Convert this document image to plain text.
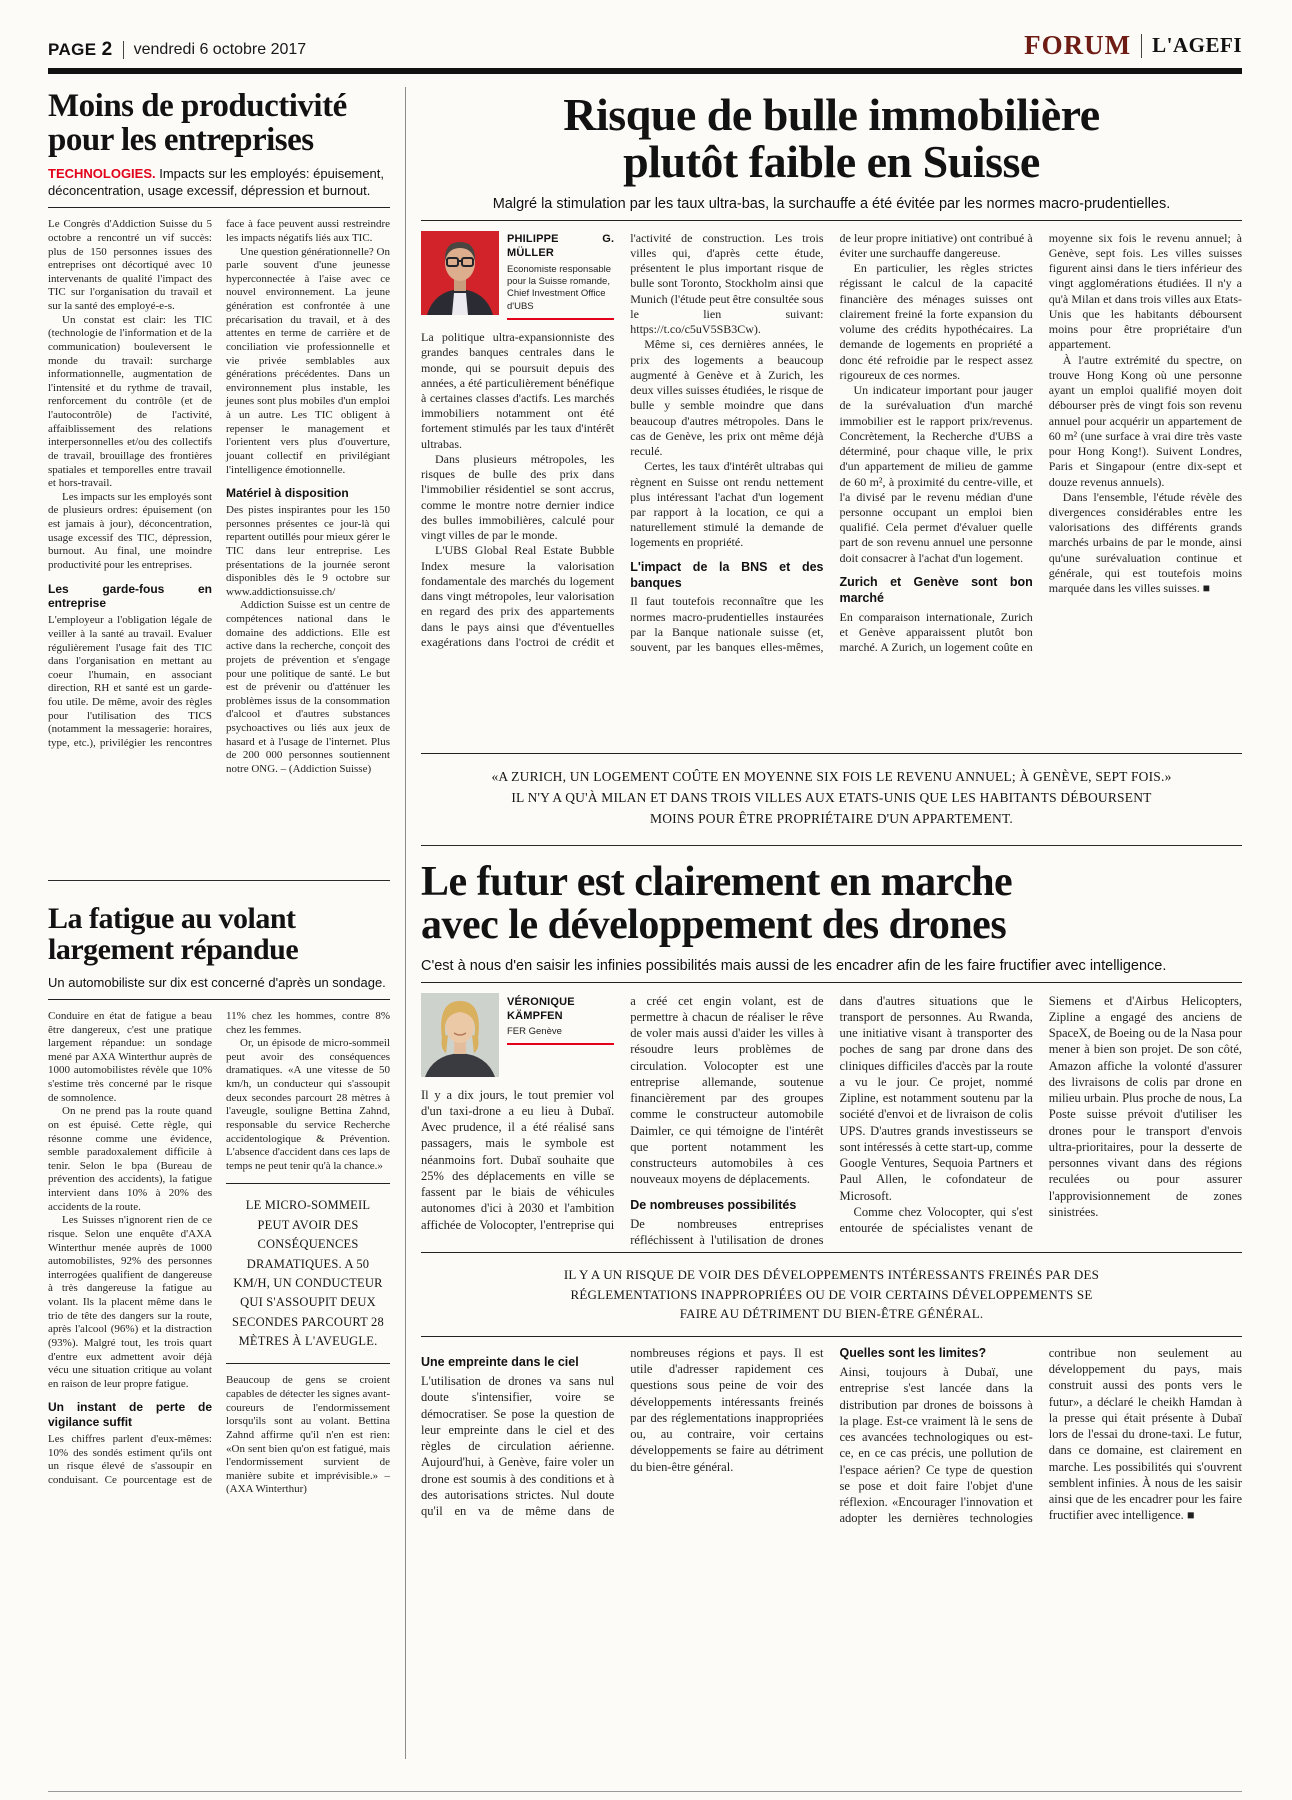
PAGE 2 vendredi 6 octobre 2017	FORUM L'AGEFI
Moins de productivité
pour les entreprises
TECHNOLOGIES. Impacts sur les employés: épuisement, déconcentration, usage excessif, dépression et burnout.

Le Congrès d'Addiction Suisse du 5 octobre a rencontré un vif succès: plus de 150 personnes issues des entreprises ont décortiqué avec 10 intervenants de qualité l'impact des TIC sur l'organisation du travail et sur la santé des employé-e-s.

Un constat est clair: les TIC (technologie de l'information et de la communication) bouleversent le monde du travail: surcharge informationnelle, augmentation de l'intensité et du rythme de travail, renforcement du contrôle (et de l'autocontrôle) de l'activité, affaiblissement des relations interpersonnelles et/ou des collectifs de travail, brouillage des frontières spatiales et temporelles entre travail et hors-travail.

Les impacts sur les employés sont de plusieurs ordres: épuisement (on est jamais à jour), déconcentration, usage excessif des TIC, dépression, burnout. Au final, une moindre productivité pour les entreprises.

Les garde-fous en entreprise

L'employeur a l'obligation légale de veiller à la santé au travail. Evaluer régulièrement l'usage fait des TIC dans l'organisation en mettant au coeur l'humain, en associant direction, RH et santé est un garde-fou utile. De même, avoir des règles pour l'utilisation des TICS (notamment la messagerie: horaires, type, etc.), privilégier les rencontres face à face peuvent aussi restreindre les impacts négatifs liés aux TIC.

Une question générationnelle? On parle souvent d'une jeunesse hyperconnectée à l'aise avec ce nouvel environnement. La jeune génération est confrontée à une précarisation du travail, et à des attentes en terme de carrière et de conciliation vie professionnelle et vie privée semblables aux générations précédentes. Dans un environnement plus instable, les jeunes sont plus mobiles d'un emploi à un autre. Les TIC obligent à repenser le management et l'orientent vers plus d'ouverture, jouant collectif en privilégiant l'intelligence émotionnelle.

Matériel à disposition

Des pistes inspirantes pour les 150 personnes présentes ce jour-là qui repartent outillés pour mieux gérer le TIC dans leur entreprise. Les présentations de la journée seront disponibles dès le 9 octobre sur www.addictionsuisse.ch/

Addiction Suisse est un centre de compétences national dans le domaine des addictions. Elle est active dans la recherche, conçoit des projets de prévention et s'engage pour une politique de santé. Le but est de prévenir ou d'atténuer les problèmes issus de la consommation d'alcool et d'autres substances psychoactives ou liés aux jeux de hasard et à l'usage de l'internet. Plus de 200 000 personnes soutiennent notre ONG. – (Addiction Suisse)

La fatigue au volant
largement répandue
Un automobiliste sur dix est concerné d'après un sondage.

Conduire en état de fatigue a beau être dangereux, c'est une pratique largement répandue: un sondage mené par AXA Winterthur auprès de 1000 automobilistes révèle que 10% s'estime très concerné par le risque de somnolence.

On ne prend pas la route quand on est épuisé. Cette règle, qui résonne comme une évidence, semble paradoxalement difficile à tenir. Selon le bpa (Bureau de prévention des accidents), la fatigue intervient dans 10% à 20% des accidents de la route.

Les Suisses n'ignorent rien de ce risque. Selon une enquête d'AXA Winterthur menée auprès de 1000 automobilistes, 92% des personnes interrogées qualifient de dangereuse à très dangereuse la fatigue au volant. Ils la placent même dans le trio de tête des dangers sur la route, après l'alcool (96%) et la distraction (93%). Malgré tout, les trois quart d'entre eux admettent avoir déjà vécu une situation critique au volant en raison de leur propre fatigue.

Un instant de perte de vigilance suffit

Les chiffres parlent d'eux-mêmes: 10% des sondés estiment qu'ils ont un risque élevé de s'assoupir en conduisant. Ce pourcentage est de 11% chez les hommes, contre 8% chez les femmes.

Or, un épisode de micro-sommeil peut avoir des conséquences dramatiques. «A une vitesse de 50 km/h, un conducteur qui s'assoupit deux secondes parcourt 28 mètres à l'aveugle, souligne Bettina Zahnd, responsable du service Recherche accidentologique & Prévention. L'absence d'accident dans ces laps de temps ne peut tenir qu'à la chance.»

LE MICRO-SOMMEIL PEUT AVOIR DES CONSÉQUENCES DRAMATIQUES. A 50 KM/H, UN CONDUCTEUR QUI S'ASSOUPIT DEUX SECONDES PARCOURT 28 MÈTRES À L'AVEUGLE.

Beaucoup de gens se croient capables de détecter les signes avant-coureurs de l'endormissement lorsqu'ils sont au volant. Bettina Zahnd affirme qu'il n'en est rien: «On sent bien qu'on est fatigué, mais l'endormissement survient de manière subite et imprévisible.» – (AXA Winterthur)

Risque de bulle immobilière
plutôt faible en Suisse
Malgré la stimulation par les taux ultra-bas, la surchauffe a été évitée par les normes macro-prudentielles.
PHILIPPE G. MÜLLER
Economiste responsable pour la Suisse romande, Chief Investment Office d'UBS

La politique ultra-expansionniste des grandes banques centrales dans le monde, qui se poursuit depuis des années, a été particulièrement bénéfique à certaines classes d'actifs. Les marchés immobiliers notamment ont été fortement stimulés par les taux d'intérêt ultrabas.

Dans plusieurs métropoles, les risques de bulle des prix dans l'immobilier résidentiel se sont accrus, comme le montre notre dernier indice des bulles immobilières, calculé pour vingt villes de par le monde.

L'UBS Global Real Estate Bubble Index mesure la valorisation fondamentale des marchés du logement dans vingt métropoles, leur valorisation en regard des prix des appartements dans le pays ainsi que d'éventuelles exagérations dans l'octroi de crédit et l'activité de construction. Les trois villes qui, d'après cette étude, présentent le plus important risque de bulle sont Toronto, Stockholm ainsi que Munich (l'étude peut être consultée sous le lien suivant: https://t.co/c5uV5SB3Cw).

Même si, ces dernières années, le prix des logements a beaucoup augmenté à Genève et à Zurich, les deux villes suisses étudiées, le risque de bulle y semble moindre que dans beaucoup d'autres métropoles. Dans le cas de Genève, les prix ont même déjà reculé.

Certes, les taux d'intérêt ultrabas qui règnent en Suisse ont rendu nettement plus intéressant l'achat d'un logement par rapport à la location, ce qui a naturellement stimulé la demande de logements en propriété.

L'impact de la BNS et des banques

Il faut toutefois reconnaître que les normes macro-prudentielles instaurées par la Banque nationale suisse (et, souvent, par les banques elles-mêmes, de leur propre initiative) ont contribué à éviter une surchauffe dangereuse.

En particulier, les règles strictes régissant le calcul de la capacité financière des ménages suisses ont clairement freiné la forte expansion du volume des crédits hypothécaires. La demande de logements en propriété a donc été refroidie par le respect assez rigoureux de ces normes.

Un indicateur important pour jauger de la surévaluation d'un marché immobilier est le rapport prix/revenus. Concrètement, la Recherche d'UBS a déterminé, pour chaque ville, le prix d'un appartement de milieu de gamme de 60 m², à proximité du centre-ville, et l'a divisé par le revenu médian d'une personne occupant un emploi bien qualifié. Cela permet d'évaluer quelle part de son revenu annuel une personne doit consacrer à l'achat d'un logement.

Zurich et Genève sont bon marché

En comparaison internationale, Zurich et Genève apparaissent plutôt bon marché. A Zurich, un logement coûte en moyenne six fois le revenu annuel; à Genève, sept fois. Les villes suisses figurent ainsi dans le tiers inférieur des vingt agglomérations étudiées. Il n'y a qu'à Milan et dans trois villes aux Etats-Unis que les habitants déboursent moins pour être propriétaire d'un appartement.

À l'autre extrémité du spectre, on trouve Hong Kong où une personne ayant un emploi qualifié moyen doit débourser près de vingt fois son revenu annuel pour acquérir un appartement de 60 m² (une surface à vrai dire très vaste pour Hong Kong!). Suivent Londres, Paris et Singapour (entre dix-sept et douze revenus annuels).

Dans l'ensemble, l'étude révèle des divergences considérables entre les valorisations des différents grands marchés urbains de par le monde, ainsi qu'une surévaluation continue et générale, qui est toutefois moins marquée dans les villes suisses. ■

«A ZURICH, UN LOGEMENT COÛTE EN MOYENNE SIX FOIS LE REVENU ANNUEL; À GENÈVE, SEPT FOIS.» IL N'Y A QU'À MILAN ET DANS TROIS VILLES AUX ETATS-UNIS QUE LES HABITANTS DÉBOURSENT MOINS POUR ÊTRE PROPRIÉTAIRE D'UN APPARTEMENT.
Le futur est clairement en marche
avec le développement des drones
C'est à nous d'en saisir les infinies possibilités mais aussi de les encadrer afin de les faire fructifier avec intelligence.
VÉRONIQUE KÄMPFEN
FER Genève

Il y a dix jours, le tout premier vol d'un taxi-drone a eu lieu à Dubaï. Avec prudence, il a été réalisé sans passagers, mais le symbole est néanmoins fort. Dubaï souhaite que 25% des déplacements en ville se fassent par le biais de véhicules autonomes d'ici à 2030 et l'ambition affichée de Volocopter, l'entreprise qui a créé cet engin volant, est de permettre à chacun de réaliser le rêve de voler mais aussi d'aider les villes à résoudre leurs problèmes de circulation. Volocopter est une entreprise allemande, soutenue financièrement par des groupes comme le constructeur automobile Daimler, ce qui témoigne de l'intérêt que portent notamment les constructeurs automobiles à ces nouveaux moyens de déplacements.

De nombreuses possibilités

De nombreuses entreprises réfléchissent à l'utilisation de drones dans d'autres situations que le transport de personnes. Au Rwanda, une initiative visant à transporter des poches de sang par drone dans des cliniques difficiles d'accès par la route a vu le jour. Ce projet, nommé Zipline, est notamment soutenu par la société d'envoi et de livraison de colis UPS. D'autres grands investisseurs se sont intéressés à cette start-up, comme Google Ventures, Sequoia Partners et Paul Allen, le cofondateur de Microsoft.

Comme chez Volocopter, qui s'est entourée de spécialistes venant de Siemens et d'Airbus Helicopters, Zipline a engagé des anciens de SpaceX, de Boeing ou de la Nasa pour mener à bien son projet. De son côté, Amazon affiche la volonté d'assurer des livraisons de colis par drone en milieu urbain. Plus proche de nous, La Poste suisse prévoit d'utiliser les drones pour le transport d'envois ultra-prioritaires, pour la desserte de personnes vivant dans des régions reculées ou pour assurer l'approvisionnement de zones sinistrées.

IL Y A UN RISQUE DE VOIR DES DÉVELOPPEMENTS INTÉRESSANTS FREINÉS PAR DES RÉGLEMENTATIONS INAPPROPRIÉES OU DE VOIR CERTAINS DÉVELOPPEMENTS SE FAIRE AU DÉTRIMENT DU BIEN-ÊTRE GÉNÉRAL.
Une empreinte dans le ciel

L'utilisation de drones va sans nul doute s'intensifier, voire se démocratiser. Se pose la question de leur empreinte dans le ciel et des règles de circulation aérienne. Aujourd'hui, à Genève, faire voler un drone est soumis à des conditions et à des autorisations strictes. Nul doute qu'il en va de même dans de nombreuses régions et pays. Il est utile d'adresser rapidement ces questions sous peine de voir des développements intéressants freinés par des réglementations inappropriées ou, au contraire, voir certains développements se faire au détriment du bien-être général.

Quelles sont les limites?

Ainsi, toujours à Dubaï, une entreprise s'est lancée dans la distribution par drones de boissons à la plage. Est-ce vraiment là le sens de ces avancées technologiques ou est-ce, en ce cas précis, une pollution de l'espace aérien? Ce type de question se pose et doit faire l'objet d'une réflexion. «Encourager l'innovation et adopter les dernières technologies contribue non seulement au développement du pays, mais construit aussi des ponts vers le futur», a déclaré le cheikh Hamdan à la presse qui était présente à Dubaï lors de l'essai du drone-taxi. Le futur, dans ce domaine, est clairement en marche. Les possibilités qui s'ouvrent semblent infinies. À nous de les saisir ainsi que de les encadrer pour les faire fructifier avec intelligence. ■
